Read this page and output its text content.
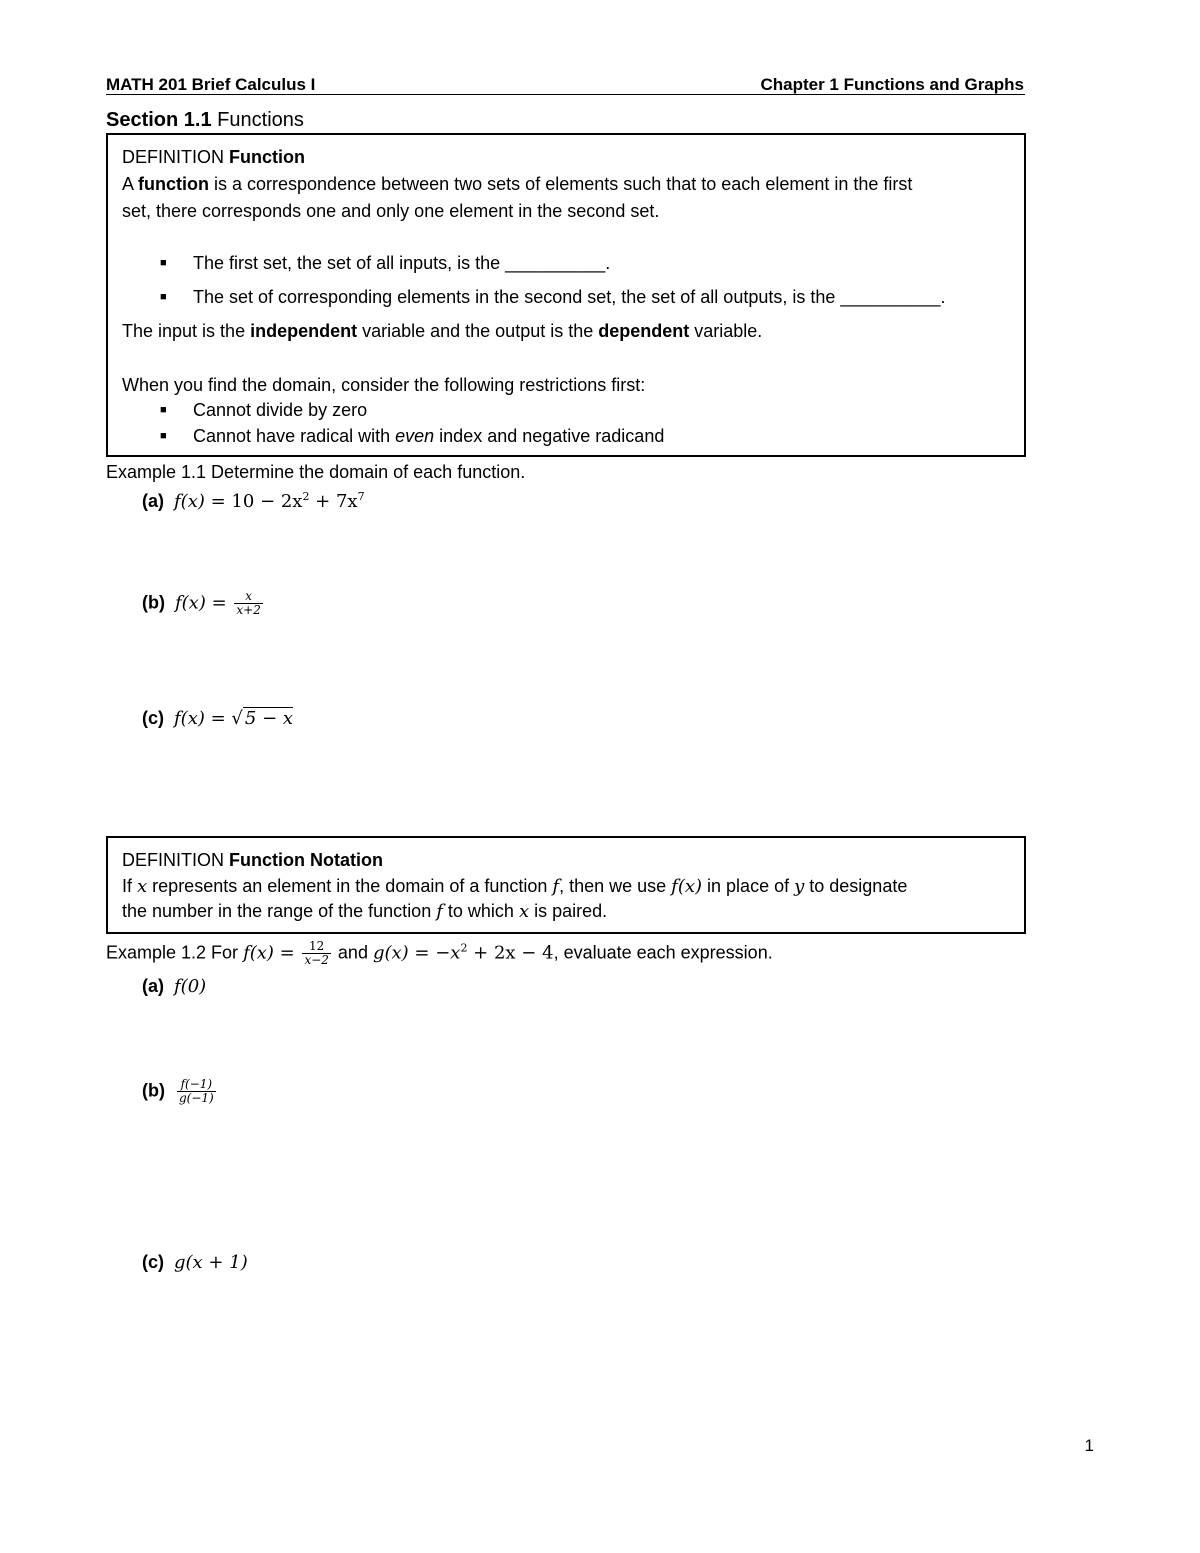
MATH 201 Brief Calculus I	Chapter 1 Functions and Graphs
Section 1.1 Functions
DEFINITION Function
A function is a correspondence between two sets of elements such that to each element in the first
set, there corresponds one and only one element in the second set.
■ The first set, the set of all inputs, is the __________.
■ The set of corresponding elements in the second set, the set of all outputs, is the __________.
The input is the independent variable and the output is the dependent variable.
When you find the domain, consider the following restrictions first:
■ Cannot divide by zero
■ Cannot have radical with even index and negative radicand
Example 1.1 Determine the domain of each function.
(a) $f(x) = 10 - 2x^2 + 7x^7$
(b) $f(x) = \frac{x}{x+2}$
(c) f(x) = √ 5 − x
DEFINITION Function Notation
If x represents an element in the domain of a function f, then we use f(x) in place of y to designate
the number in the range of the function f to which x is paired.
Example 1.2 For $f(x) = \frac{12}{x-2}$ and $g(x) = -x^2 + 2x - 4$, evaluate each expression.
(a) f(0)
$(b) \frac{f(-1)}{g(-1)}$
(c) g(x + 1)
1
